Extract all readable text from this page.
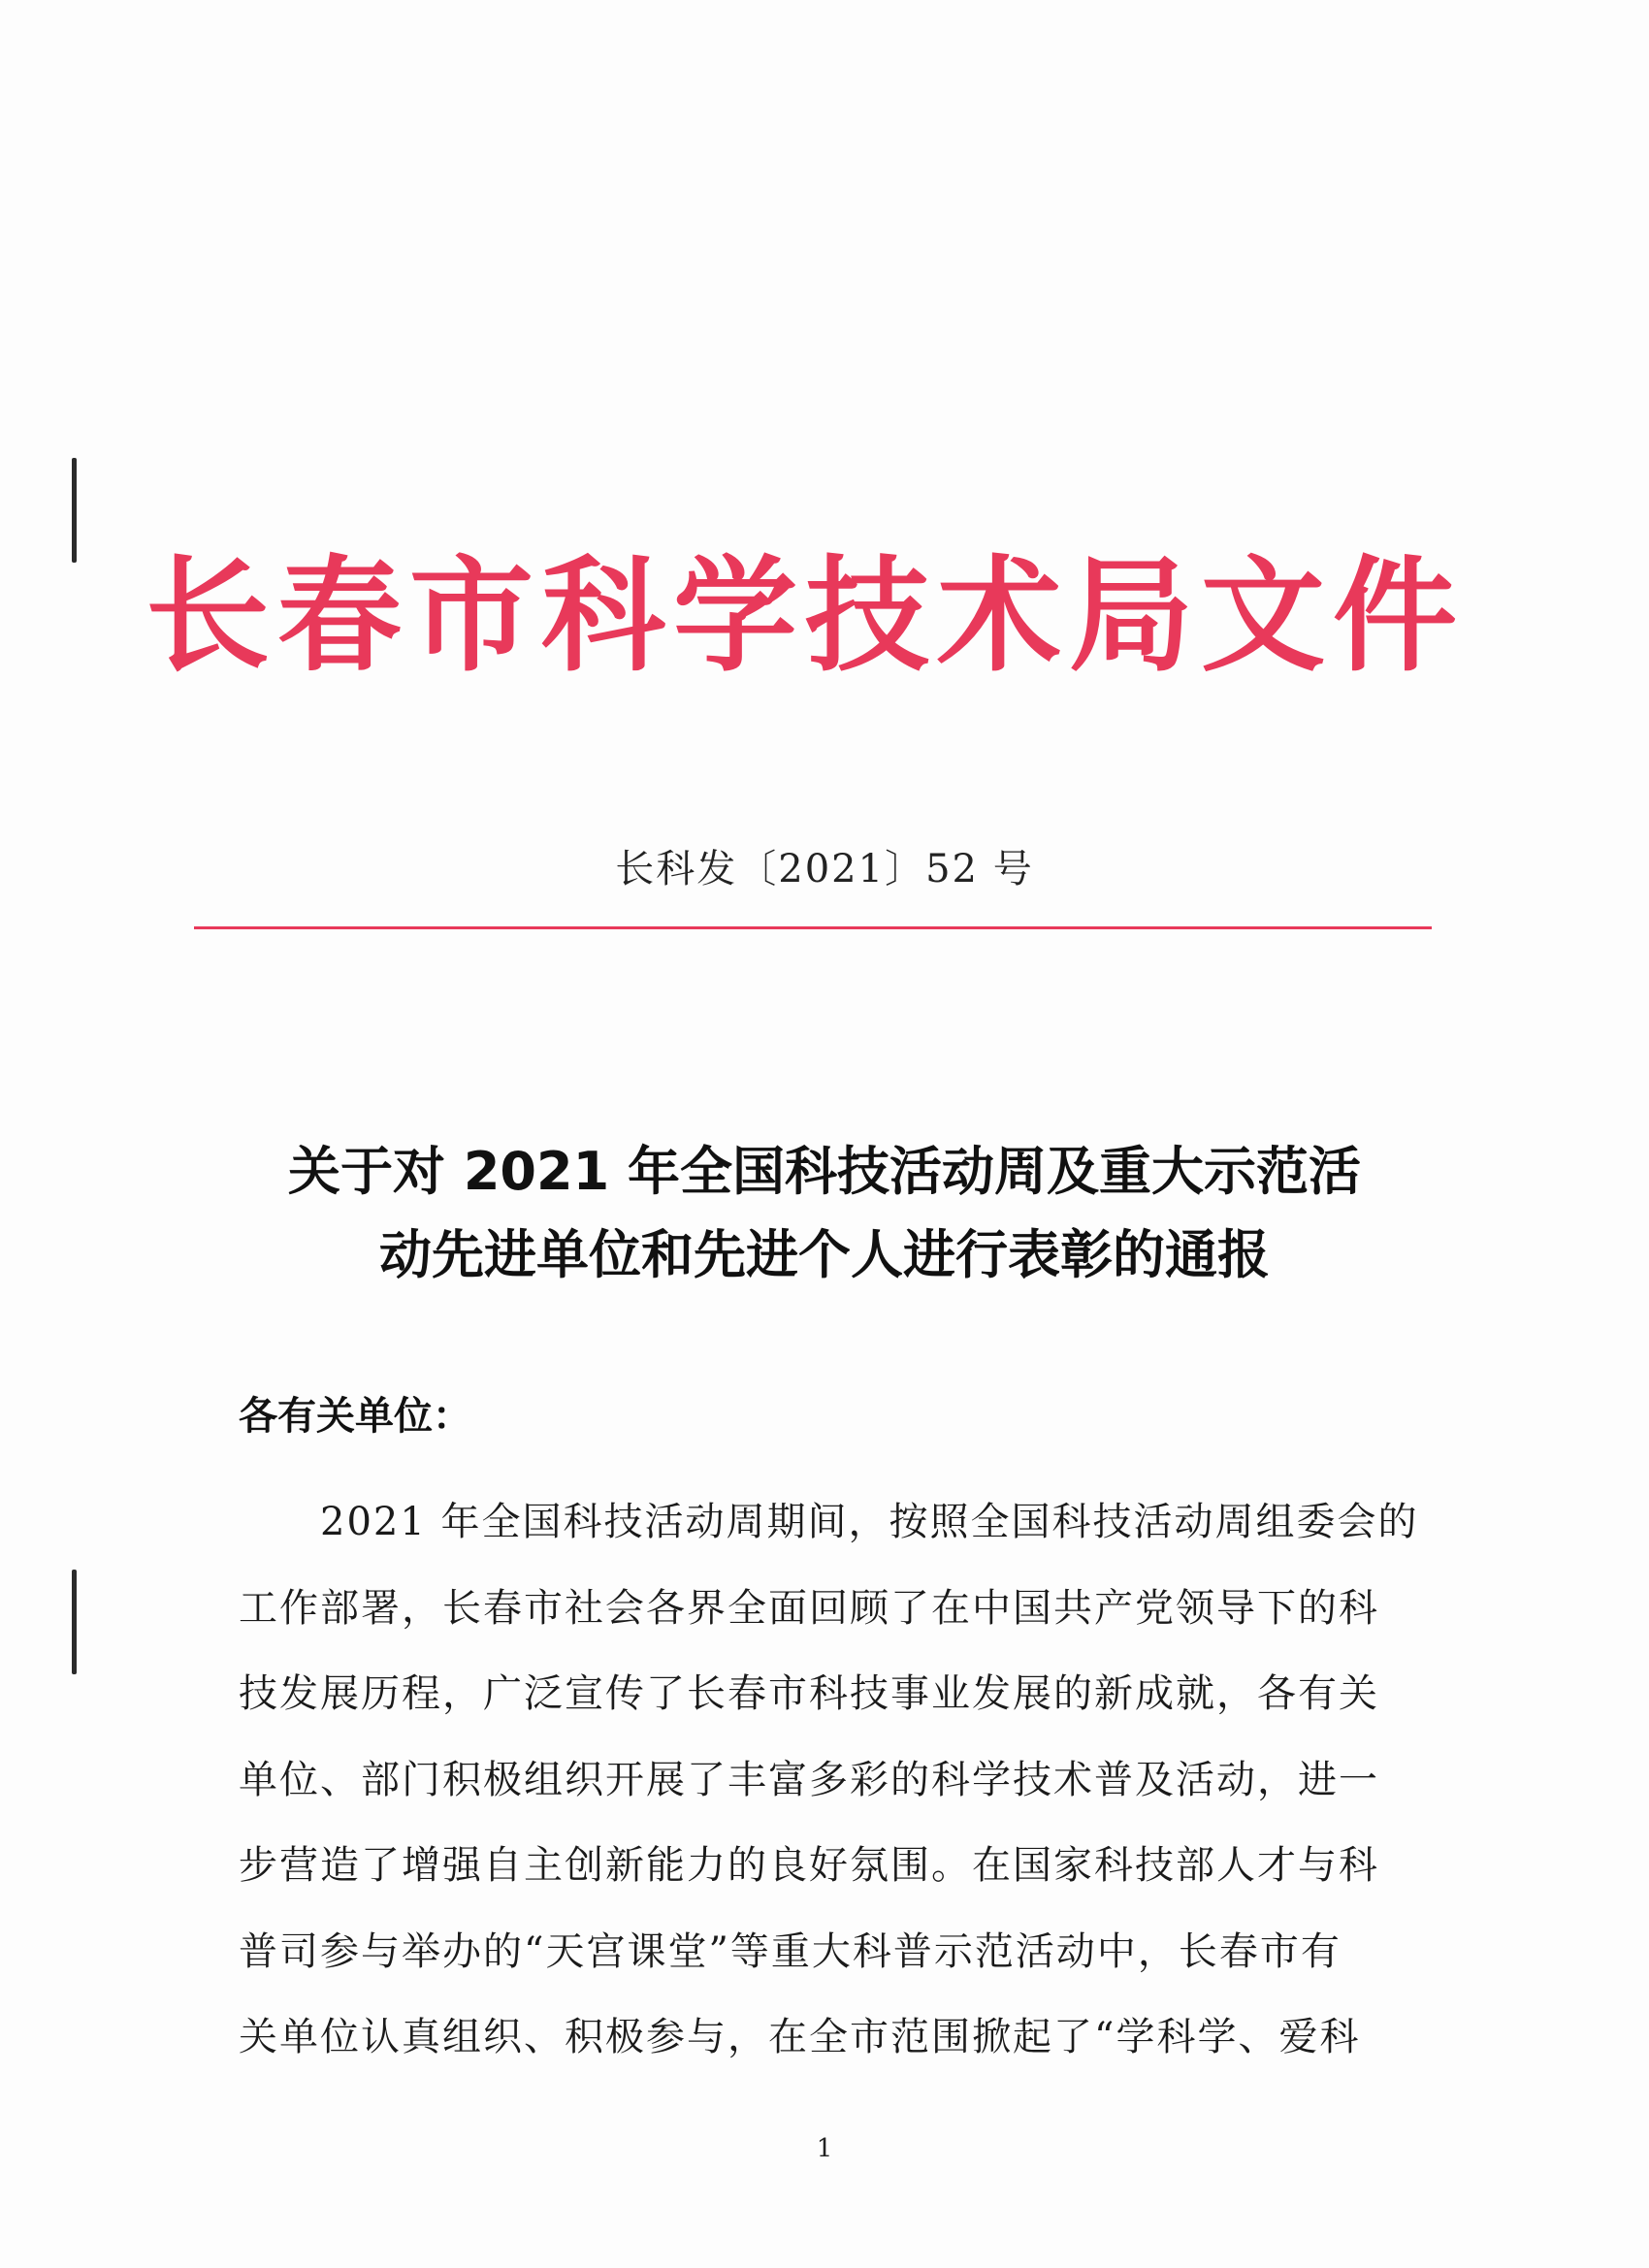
长春市科学技术局文件
长科发〔2021〕52 号
关于对 2021 年全国科技活动周及重大示范活
动先进单位和先进个人进行表彰的通报
各有关单位：
　　2021 年全国科技活动周期间，按照全国科技活动周组委会的
工作部署，长春市社会各界全面回顾了在中国共产党领导下的科
技发展历程，广泛宣传了长春市科技事业发展的新成就，各有关
单位、部门积极组织开展了丰富多彩的科学技术普及活动，进一
步营造了增强自主创新能力的良好氛围。在国家科技部人才与科
普司参与举办的“天宫课堂”等重大科普示范活动中，长春市有
关单位认真组织、积极参与，在全市范围掀起了“学科学、爱科
1
